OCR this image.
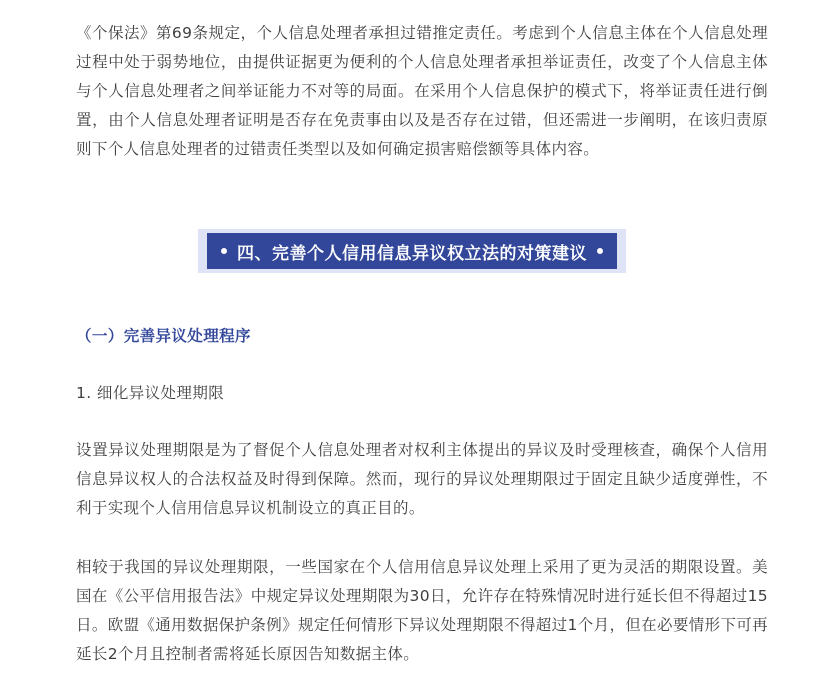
《个保法》第69条规定，个人信息处理者承担过错推定责任。考虑到个人信息主体在个人信息处理过程中处于弱势地位，由提供证据更为便利的个人信息处理者承担举证责任，改变了个人信息主体与个人信息处理者之间举证能力不对等的局面。在采用个人信息保护的模式下，将举证责任进行倒置，由个人信息处理者证明是否存在免责事由以及是否存在过错，但还需进一步阐明，在该归责原则下个人信息处理者的过错责任类型以及如何确定损害赔偿额等具体内容。

四、完善个人信用信息异议权立法的对策建议
（一）完善异议处理程序
1. 细化异议处理期限

设置异议处理期限是为了督促个人信息处理者对权利主体提出的异议及时受理核查，确保个人信用信息异议权人的合法权益及时得到保障。然而，现行的异议处理期限过于固定且缺少适度弹性，不利于实现个人信用信息异议机制设立的真正目的。

相较于我国的异议处理期限，一些国家在个人信用信息异议处理上采用了更为灵活的期限设置。美国在《公平信用报告法》中规定异议处理期限为30日，允许存在特殊情况时进行延长但不得超过15日。欧盟《通用数据保护条例》规定任何情形下异议处理期限不得超过1个月，但在必要情形下可再延长2个月且控制者需将延长原因告知数据主体。
